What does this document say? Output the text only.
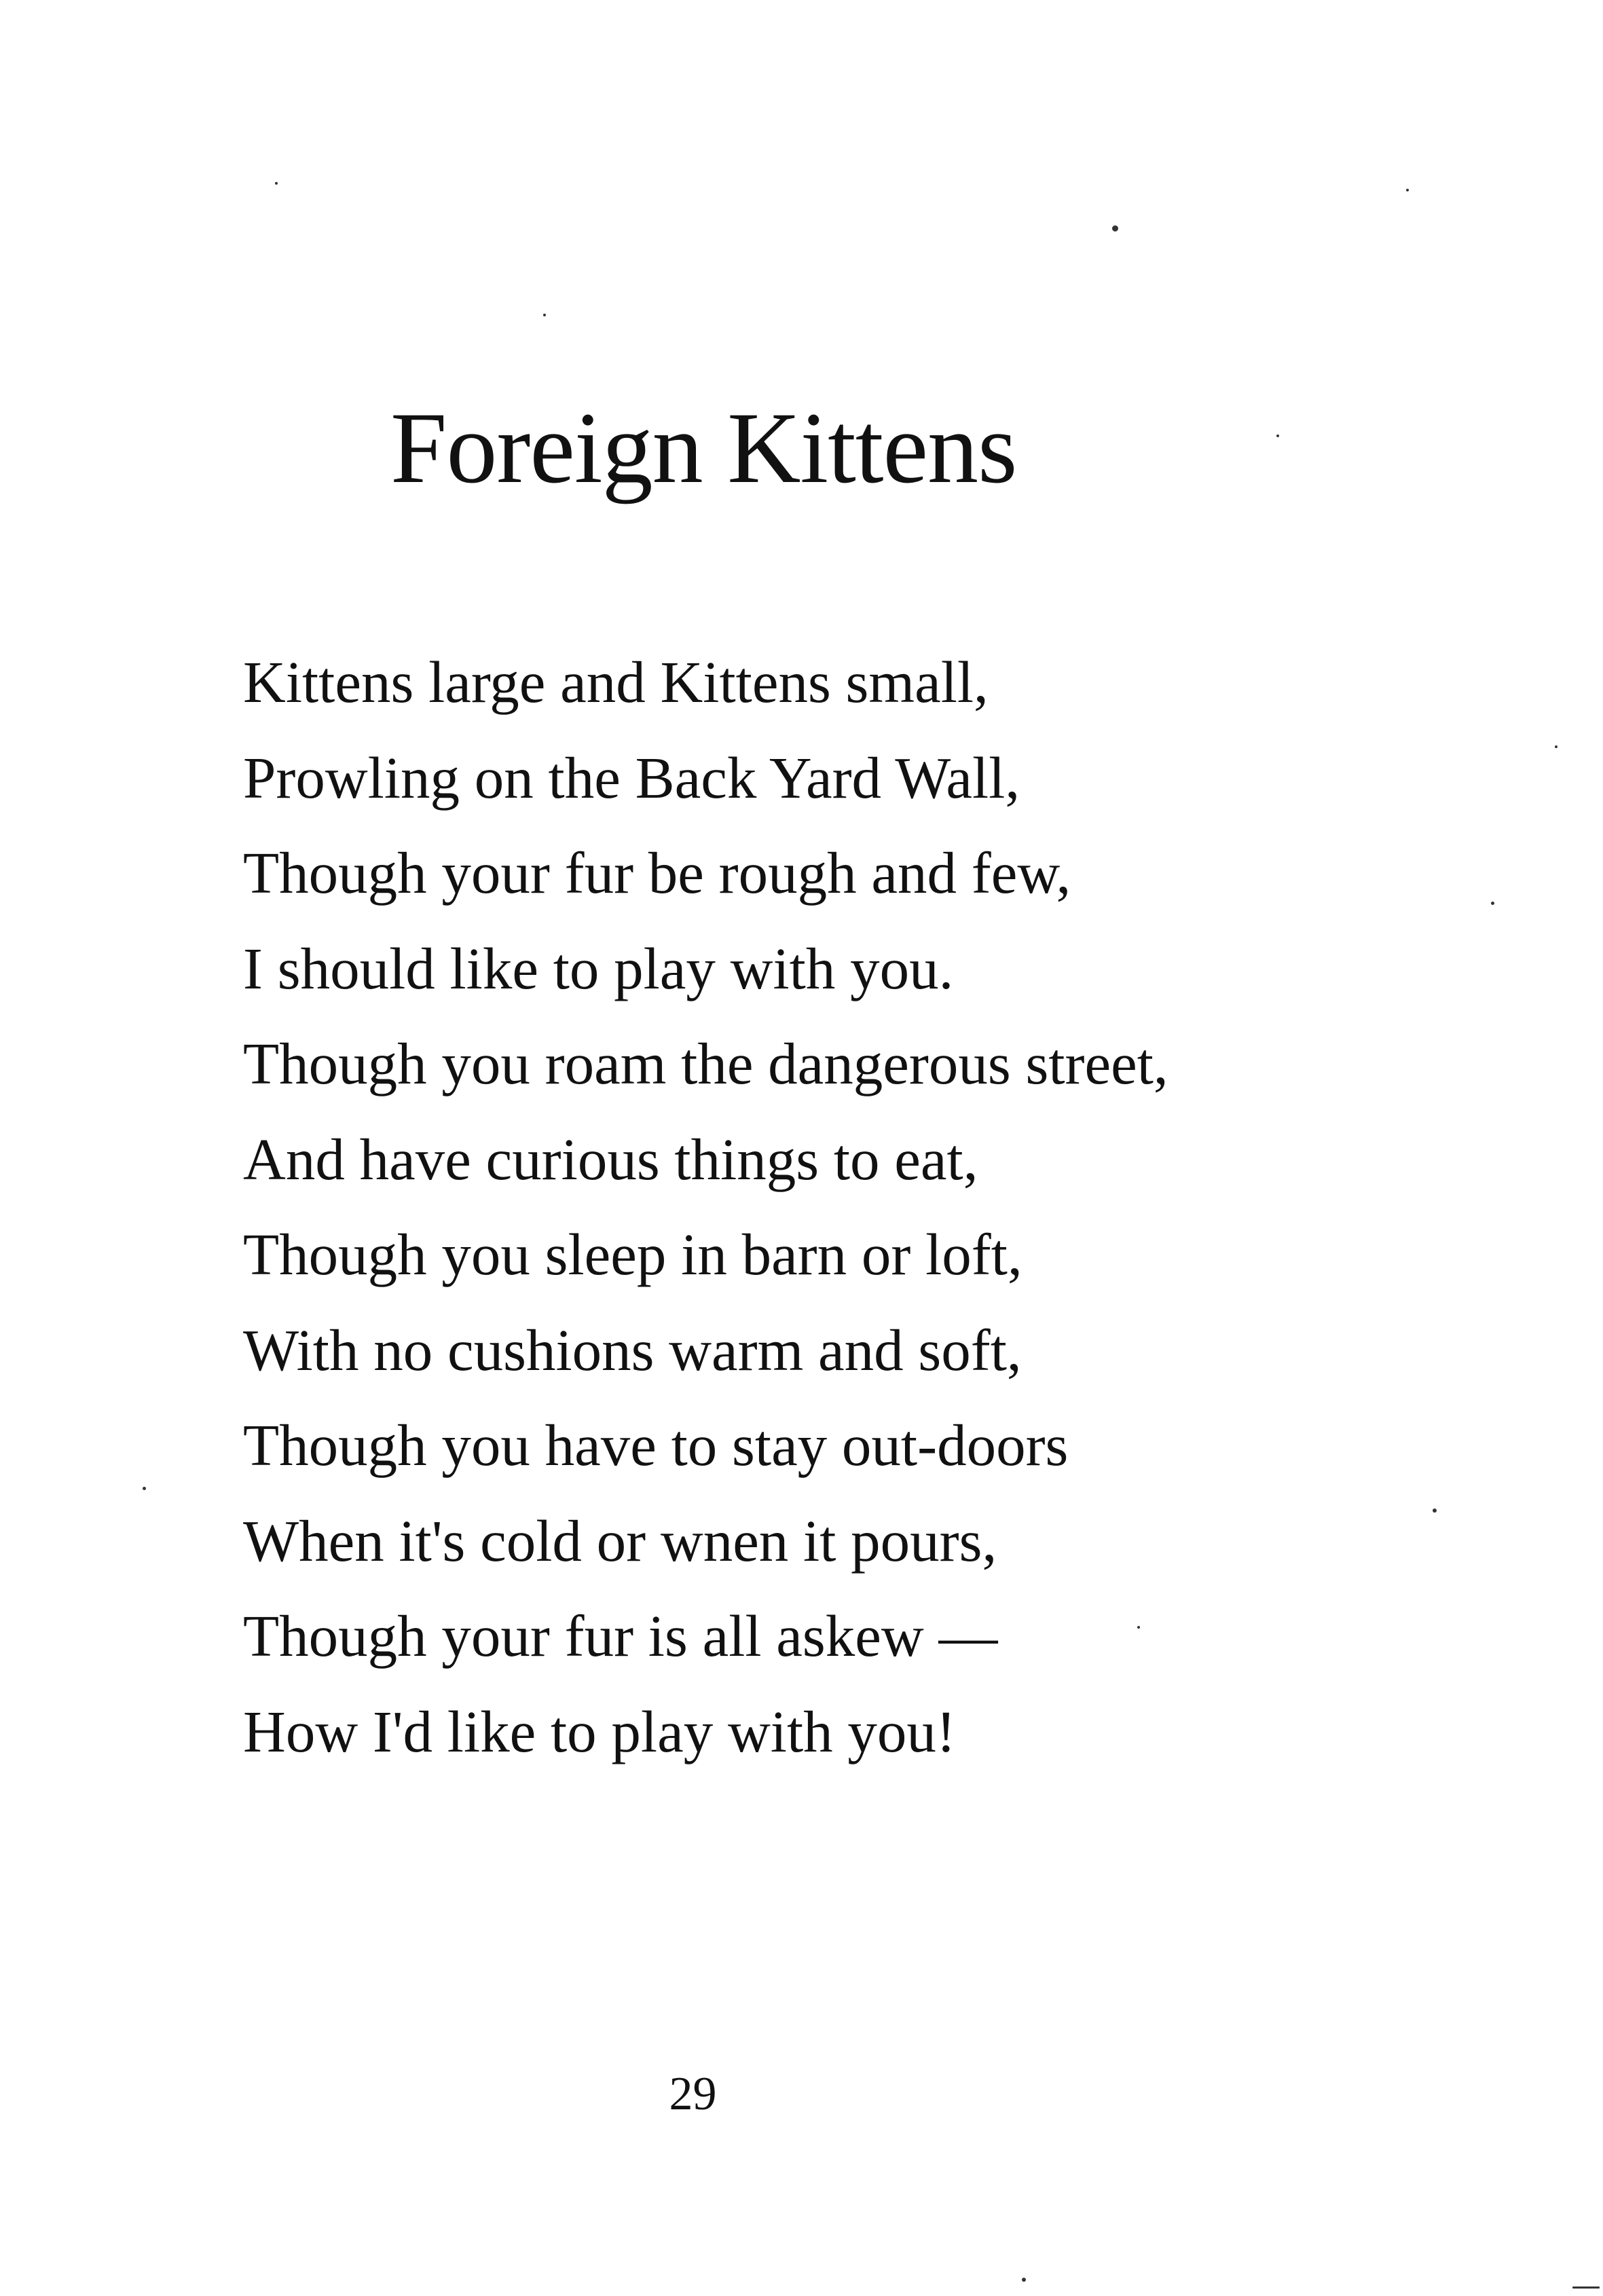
Foreign Kittens
Kittens large and Kittens small,
Prowling on the Back Yard Wall,
Though your fur be rough and few,
I should like to play with you.
Though you roam the dangerous street,
And have curious things to eat,
Though you sleep in barn or loft,
With no cushions warm and soft,
Though you have to stay out-doors
When it's cold or wnen it pours,
Though your fur is all askew —
How I'd like to play with you!
29
